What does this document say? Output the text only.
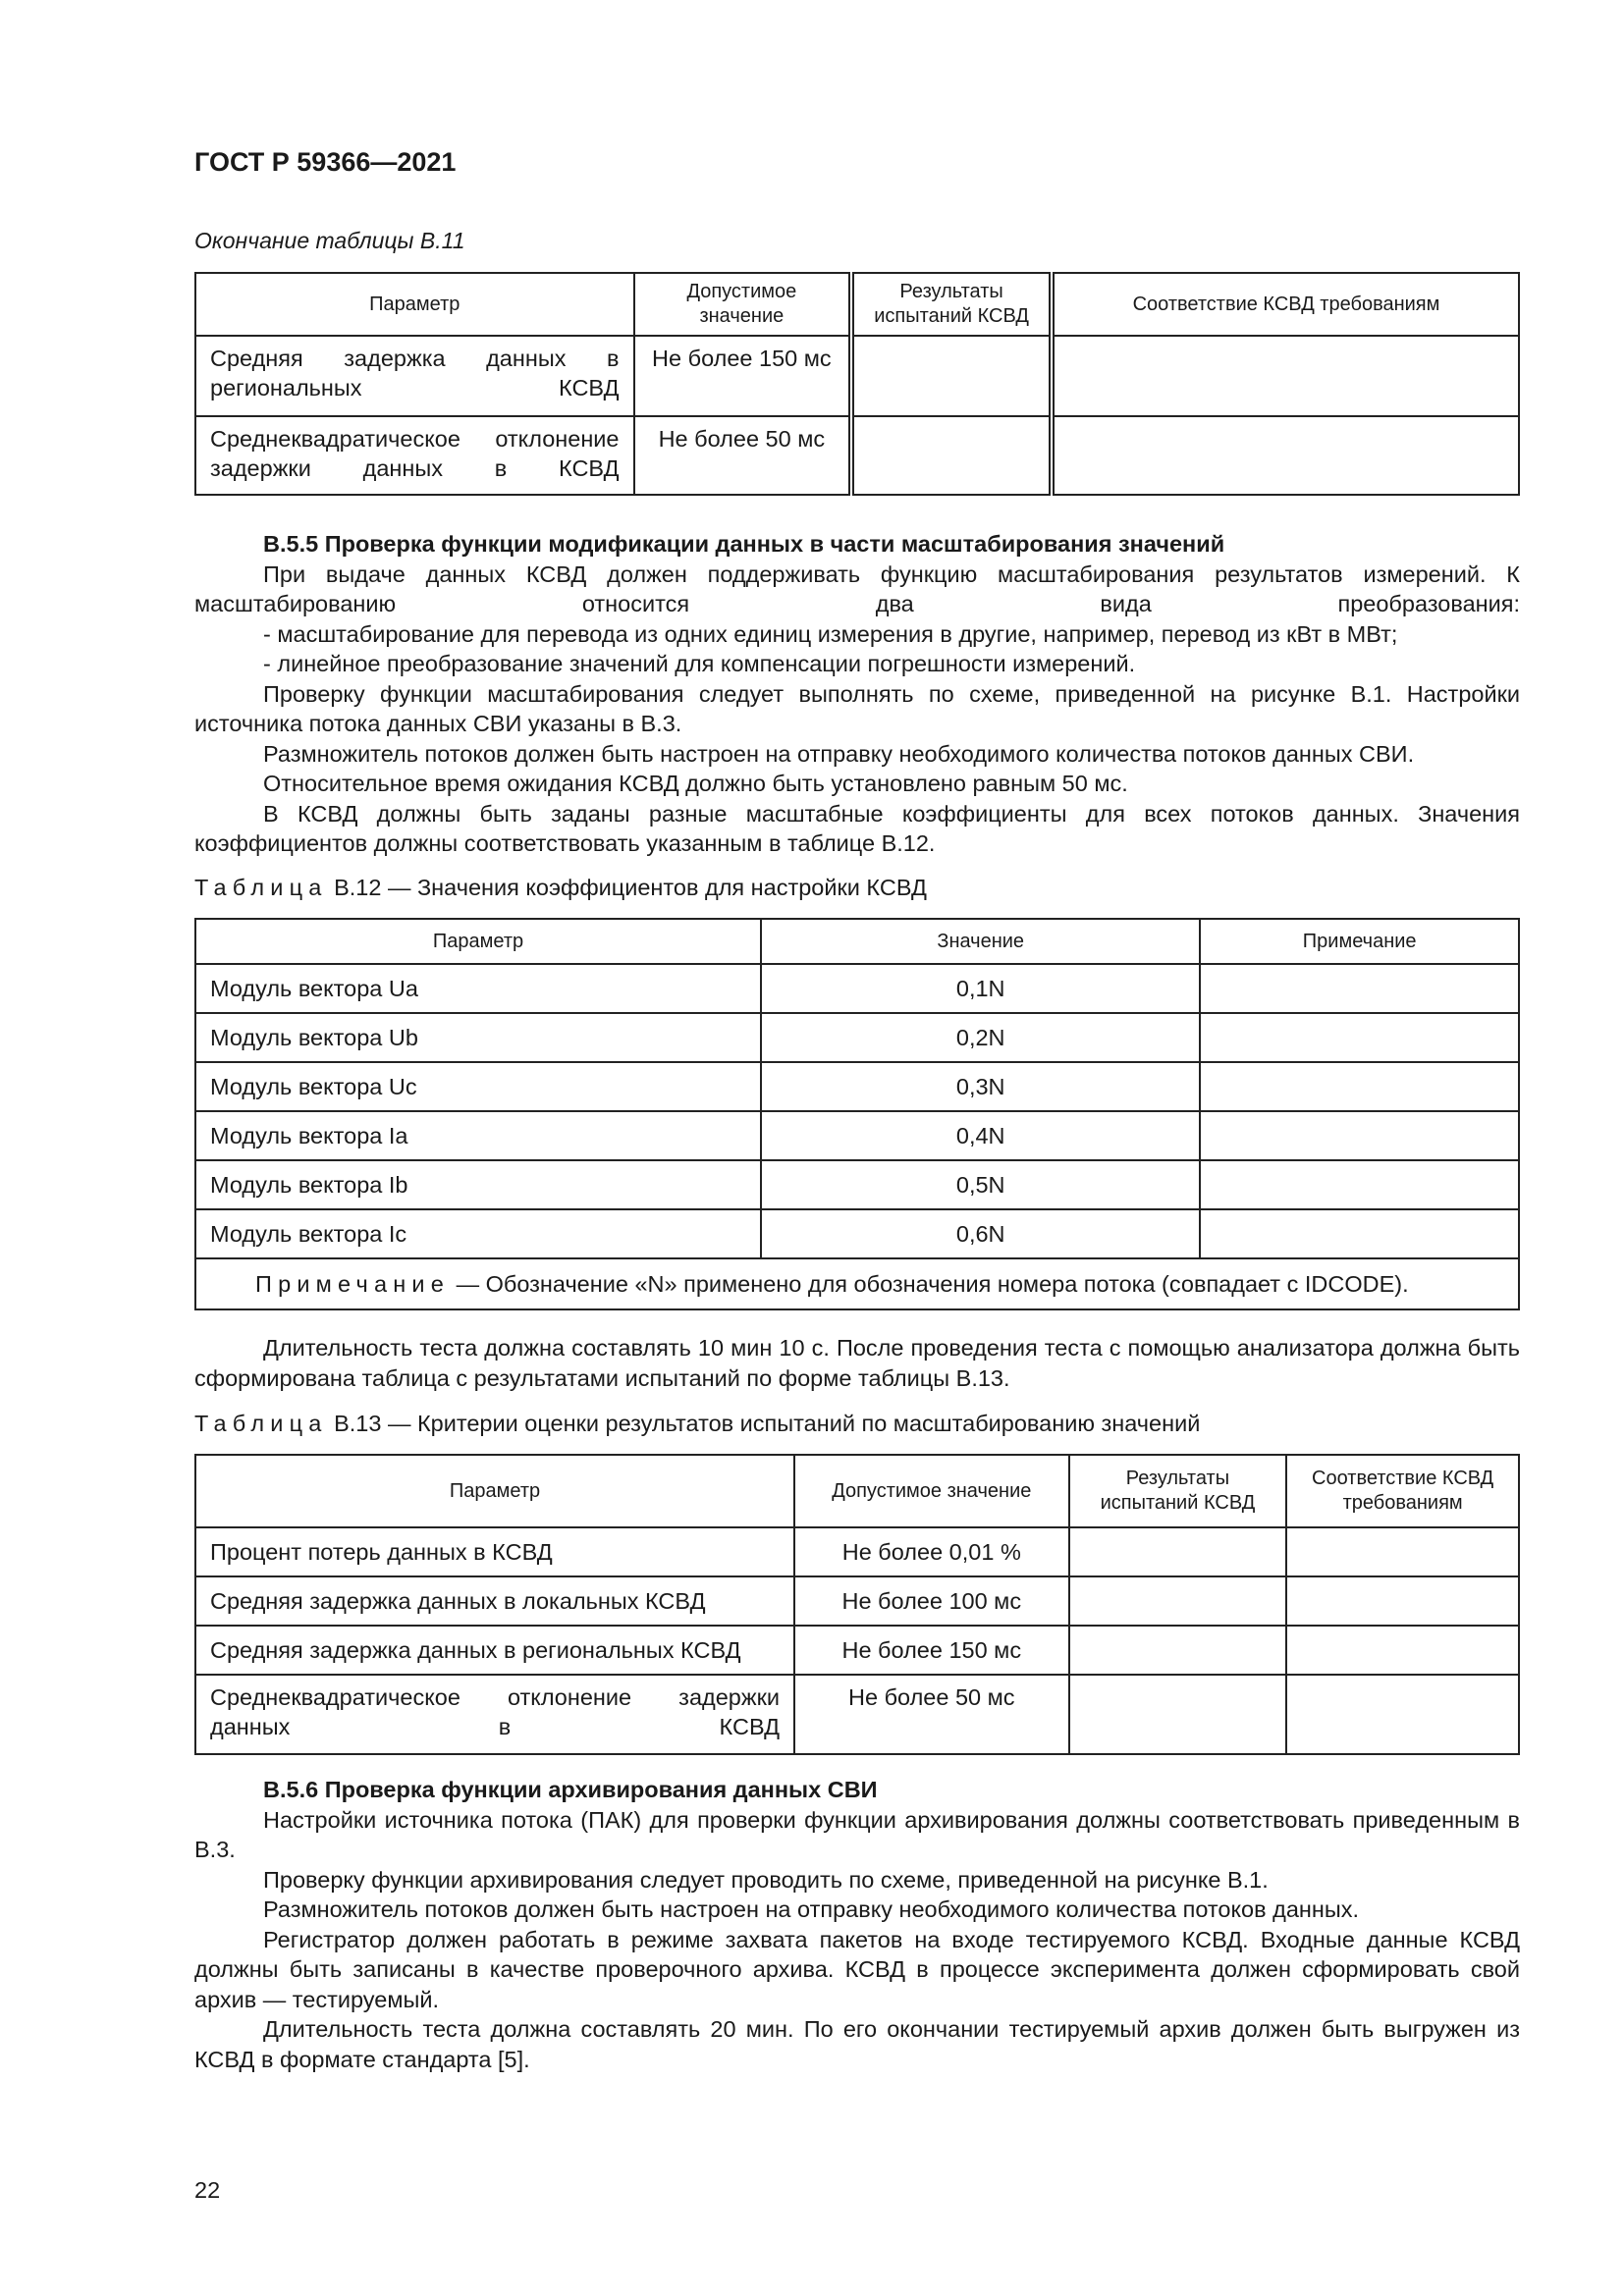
ГОСТ Р 59366—2021
Окончание таблицы В.11
Параметр	Допустимое значение	Результаты испытаний КСВД	Соответствие КСВД требованиям
Средняя задержка данных в региональных КСВД	Не более 150 мс		
Среднеквадратическое отклонение задержки данных в КСВД	Не более 50 мс		

В.5.5 Проверка функции модификации данных в части масштабирования значений

При выдаче данных КСВД должен поддерживать функцию масштабирования результатов измерений. К масштабированию относится два вида преобразования:

- масштабирование для перевода из одних единиц измерения в другие, например, перевод из кВт в МВт;

- линейное преобразование значений для компенсации погрешности измерений.

Проверку функции масштабирования следует выполнять по схеме, приведенной на рисунке В.1. Настройки источника потока данных СВИ указаны в В.3.

Размножитель потоков должен быть настроен на отправку необходимого количества потоков данных СВИ.

Относительное время ожидания КСВД должно быть установлено равным 50 мс.

В КСВД должны быть заданы разные масштабные коэффициенты для всех потоков данных. Значения коэффициентов должны соответствовать указанным в таблице В.12.

Таблица В.12 — Значения коэффициентов для настройки КСВД
Параметр	Значение	Примечание
Модуль вектора Ua	0,1N	
Модуль вектора Ub	0,2N	
Модуль вектора Uc	0,3N	
Модуль вектора Ia	0,4N	
Модуль вектора Ib	0,5N	
Модуль вектора Ic	0,6N	
Примечание — Обозначение «N» применено для обозначения номера потока (совпадает с IDCODE).		

Длительность теста должна составлять 10 мин 10 с. После проведения теста с помощью анализатора должна быть сформирована таблица с результатами испытаний по форме таблицы В.13.

Таблица В.13 — Критерии оценки результатов испытаний по масштабированию значений
Параметр	Допустимое значение	Результаты испытаний КСВД	Соответствие КСВД требованиям
Процент потерь данных в КСВД	Не более 0,01 %		
Средняя задержка данных в локальных КСВД	Не более 100 мс		
Средняя задержка данных в региональных КСВД	Не более 150 мс		
Среднеквадратическое отклонение задержки данных в КСВД	Не более 50 мс		

В.5.6 Проверка функции архивирования данных СВИ

Настройки источника потока (ПАК) для проверки функции архивирования должны соответствовать приведенным в В.3.

Проверку функции архивирования следует проводить по схеме, приведенной на рисунке В.1.

Размножитель потоков должен быть настроен на отправку необходимого количества потоков данных.

Регистратор должен работать в режиме захвата пакетов на входе тестируемого КСВД. Входные данные КСВД должны быть записаны в качестве проверочного архива. КСВД в процессе эксперимента должен сформировать свой архив — тестируемый.

Длительность теста должна составлять 20 мин. По его окончании тестируемый архив должен быть выгружен из КСВД в формате стандарта [5].

22
